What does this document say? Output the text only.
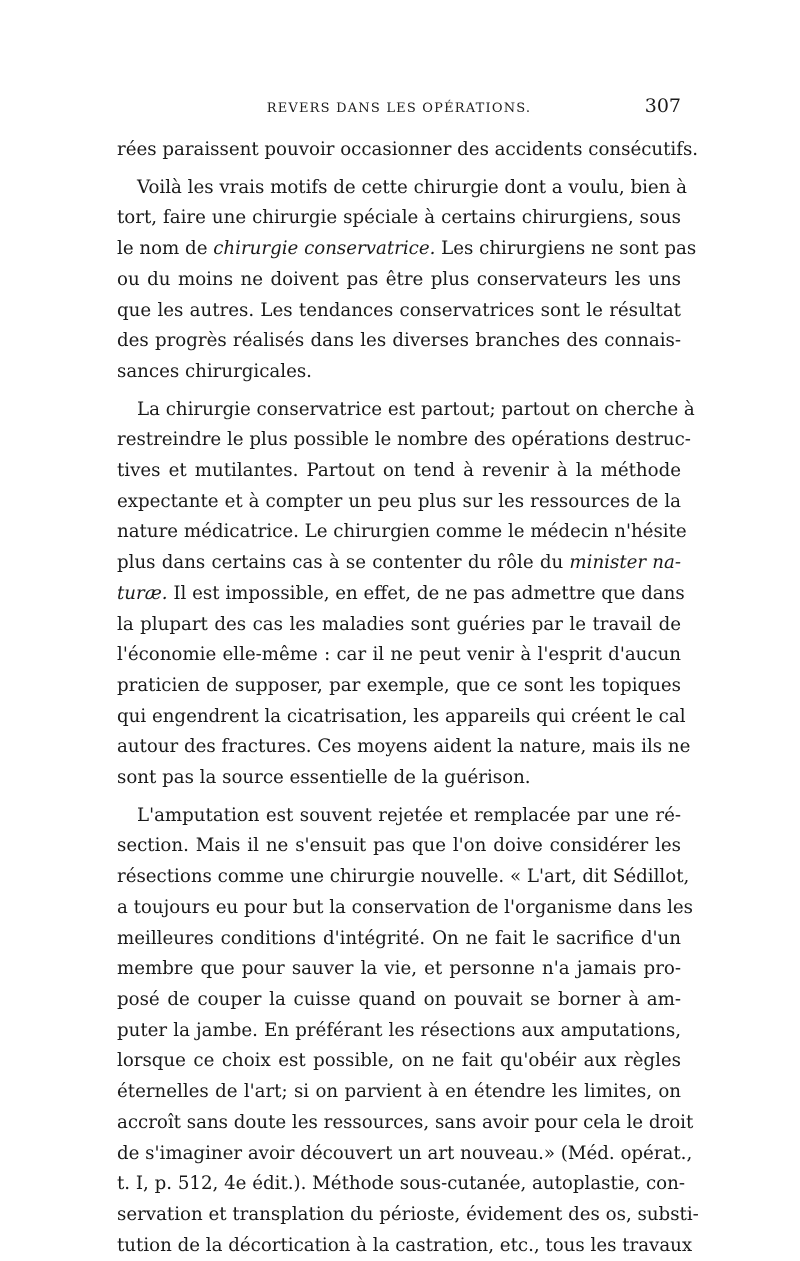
REVERS DANS LES OPÉRATIONS.	307
rées paraissent pouvoir occasionner des accidents consécutifs.
Voilà les vrais motifs de cette chirurgie dont a voulu, bien à
tort, faire une chirurgie spéciale à certains chirurgiens, sous
le nom de chirurgie conservatrice. Les chirurgiens ne sont pas
ou du moins ne doivent pas être plus conservateurs les uns
que les autres. Les tendances conservatrices sont le résultat
des progrès réalisés dans les diverses branches des connais-
sances chirurgicales.
La chirurgie conservatrice est partout; partout on cherche à
restreindre le plus possible le nombre des opérations destruc-
tives et mutilantes. Partout on tend à revenir à la méthode
expectante et à compter un peu plus sur les ressources de la
nature médicatrice. Le chirurgien comme le médecin n'hésite
plus dans certains cas à se contenter du rôle du minister na-
turæ. Il est impossible, en effet, de ne pas admettre que dans
la plupart des cas les maladies sont guéries par le travail de
l'économie elle-même : car il ne peut venir à l'esprit d'aucun
praticien de supposer, par exemple, que ce sont les topiques
qui engendrent la cicatrisation, les appareils qui créent le cal
autour des fractures. Ces moyens aident la nature, mais ils ne
sont pas la source essentielle de la guérison.
L'amputation est souvent rejetée et remplacée par une ré-
section. Mais il ne s'ensuit pas que l'on doive considérer les
résections comme une chirurgie nouvelle. « L'art, dit Sédillot,
a toujours eu pour but la conservation de l'organisme dans les
meilleures conditions d'intégrité. On ne fait le sacrifice d'un
membre que pour sauver la vie, et personne n'a jamais pro-
posé de couper la cuisse quand on pouvait se borner à am-
puter la jambe. En préférant les résections aux amputations,
lorsque ce choix est possible, on ne fait qu'obéir aux règles
éternelles de l'art; si on parvient à en étendre les limites, on
accroît sans doute les ressources, sans avoir pour cela le droit
de s'imaginer avoir découvert un art nouveau.» (Méd. opérat.,
t. I, p. 512, 4e édit.). Méthode sous-cutanée, autoplastie, con-
servation et transplation du périoste, évidement des os, substi-
tution de la décortication à la castration, etc., tous les travaux
